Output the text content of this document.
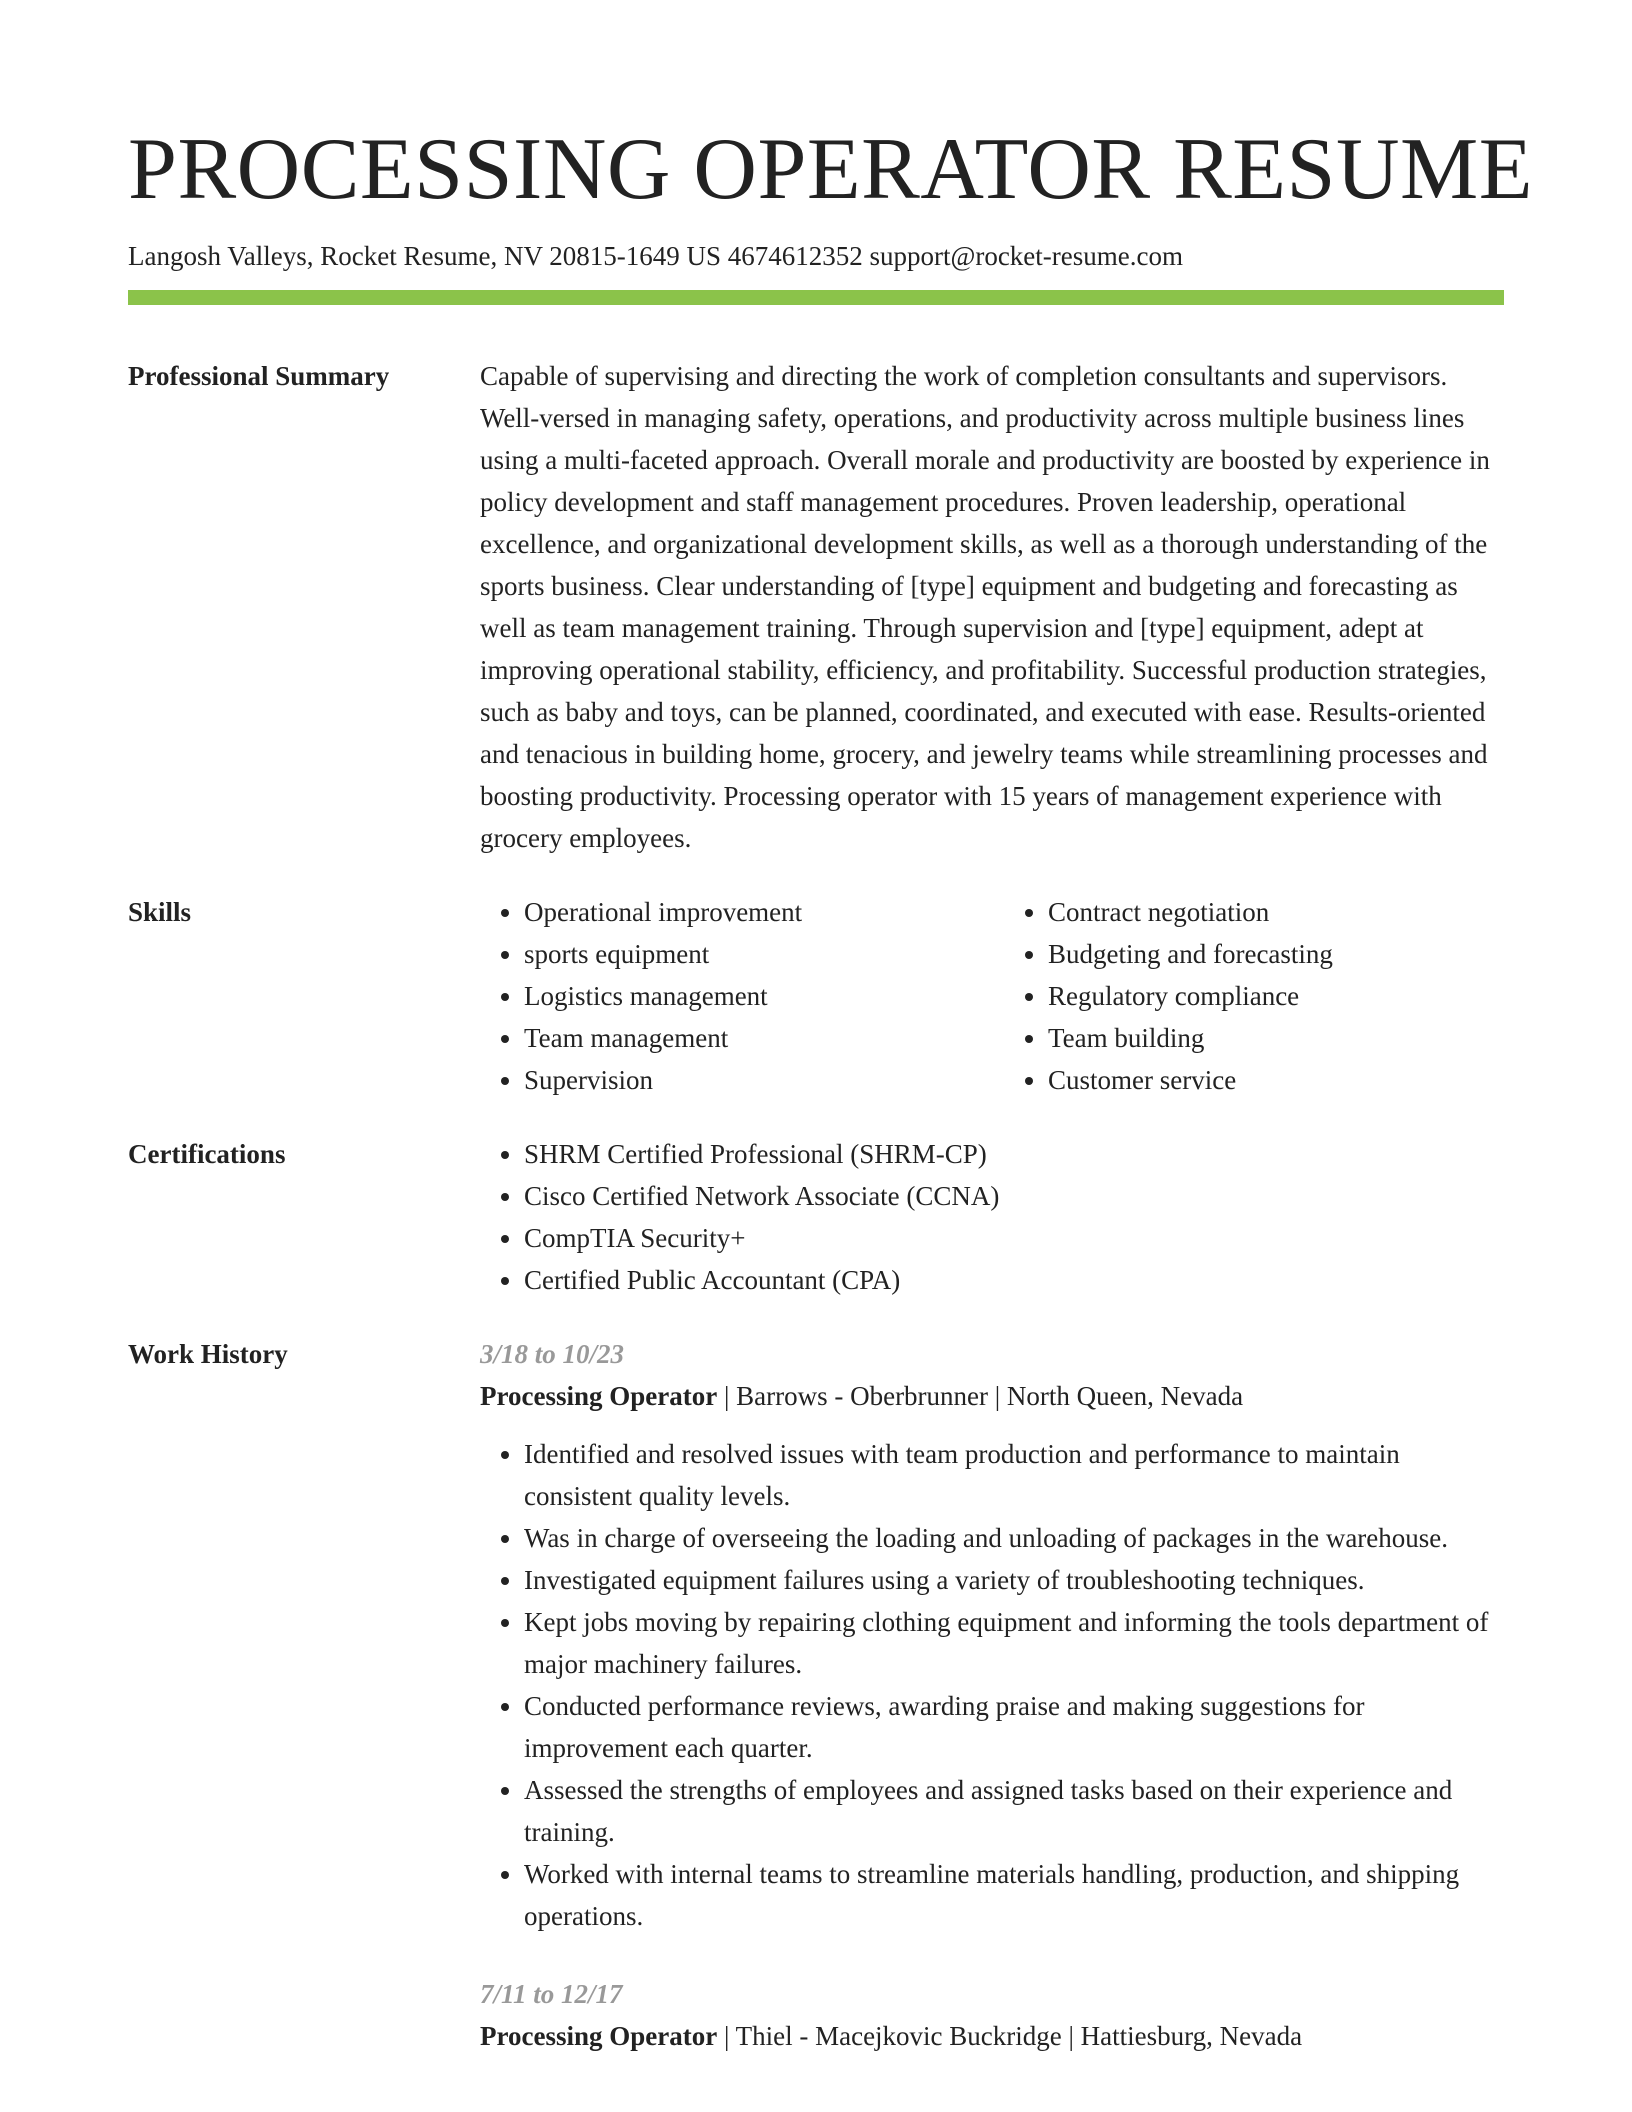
PROCESSING OPERATOR RESUME
Langosh Valleys, Rocket Resume, NV 20815-1649 US 4674612352 support@rocket-resume.com
Professional Summary	Capable of supervising and directing the work of completion consultants and supervisors. Well-versed in managing safety, operations, and productivity across multiple business lines using a multi-faceted approach. Overall morale and productivity are boosted by experience in policy development and staff management procedures. Proven leadership, operational excellence, and organizational development skills, as well as a thorough understanding of the sports business. Clear understanding of [type] equipment and budgeting and forecasting as well as team management training. Through supervision and [type] equipment, adept at improving operational stability, efficiency, and profitability. Successful production strategies, such as baby and toys, can be planned, coordinated, and executed with ease. Results-oriented and tenacious in building home, grocery, and jewelry teams while streamlining processes and boosting productivity. Processing operator with 15 years of management experience with grocery employees.
Skills	• Operational improvement
• sports equipment
• Logistics management
• Team management
• Supervision
• Contract negotiation
• Budgeting and forecasting
• Regulatory compliance
• Team building
• Customer service
Certifications	• SHRM Certified Professional (SHRM-CP)
• Cisco Certified Network Associate (CCNA)
• CompTIA Security+
• Certified Public Accountant (CPA)
Work History	3/18 to 10/23
Processing Operator | Barrows - Oberbrunner | North Queen, Nevada
• Identified and resolved issues with team production and performance to maintain consistent quality levels.
• Was in charge of overseeing the loading and unloading of packages in the warehouse.
• Investigated equipment failures using a variety of troubleshooting techniques.
• Kept jobs moving by repairing clothing equipment and informing the tools department of major machinery failures.
• Conducted performance reviews, awarding praise and making suggestions for improvement each quarter.
• Assessed the strengths of employees and assigned tasks based on their experience and training.
• Worked with internal teams to streamline materials handling, production, and shipping operations.
7/11 to 12/17
Processing Operator | Thiel - Macejkovic Buckridge | Hattiesburg, Nevada
